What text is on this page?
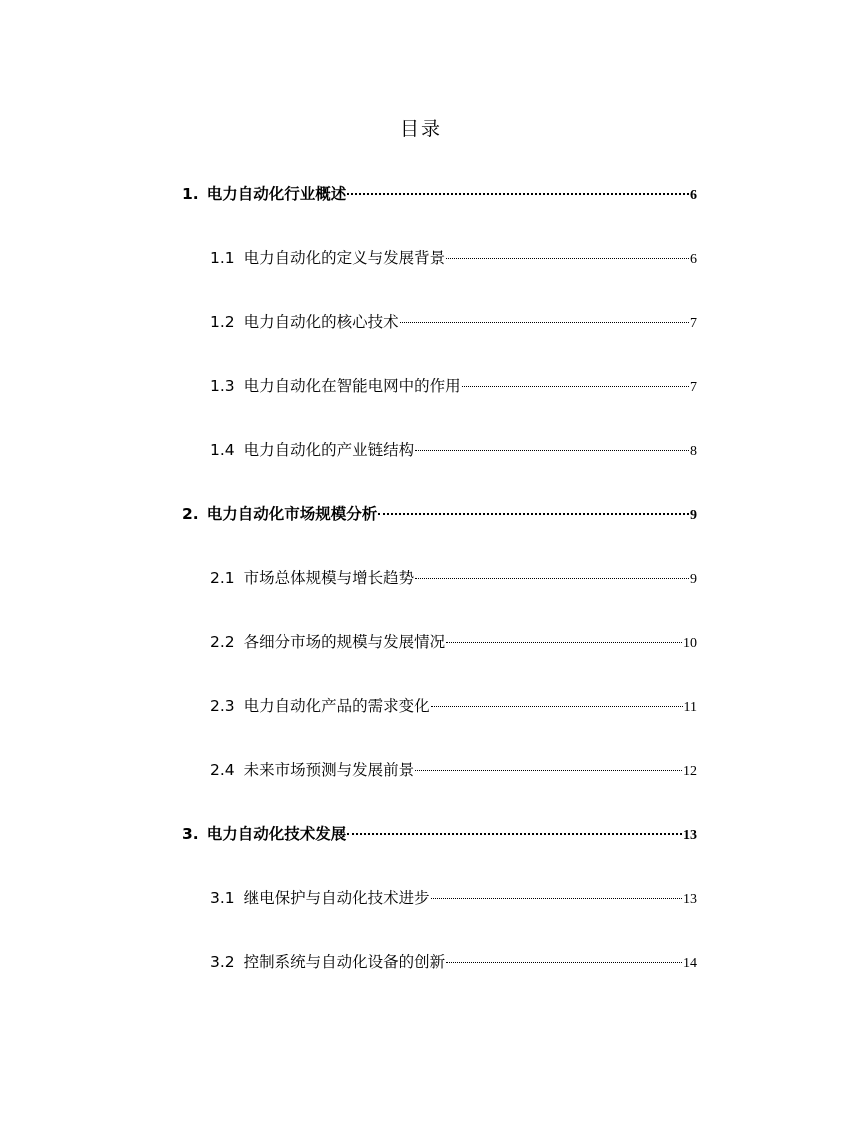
目录
1. 电力自动化行业概述	6
1.1 电力自动化的定义与发展背景	6
1.2 电力自动化的核心技术	7
1.3 电力自动化在智能电网中的作用	7
1.4 电力自动化的产业链结构	8
2. 电力自动化市场规模分析	9
2.1 市场总体规模与增长趋势	9
2.2 各细分市场的规模与发展情况	10
2.3 电力自动化产品的需求变化	11
2.4 未来市场预测与发展前景	12
3. 电力自动化技术发展	13
3.1 继电保护与自动化技术进步	13
3.2 控制系统与自动化设备的创新	14
